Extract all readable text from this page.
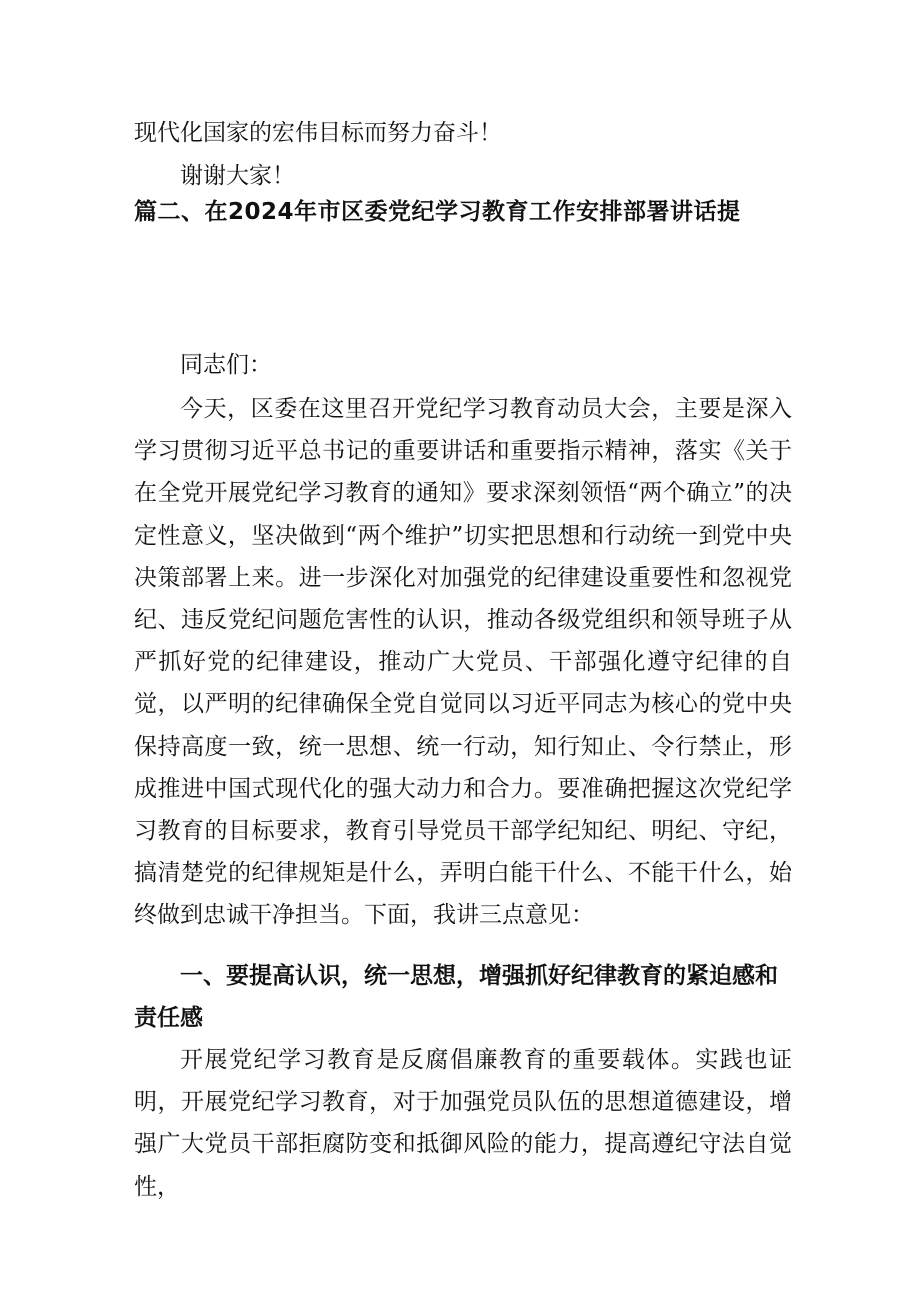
现代化国家的宏伟目标而努力奋斗！
谢谢大家！
篇二、在2024年市区委党纪学习教育工作安排部署讲话提
同志们：
今天，区委在这里召开党纪学习教育动员大会，主要是深入学习贯彻习近平总书记的重要讲话和重要指示精神，落实《关于在全党开展党纪学习教育的通知》要求深刻领悟“两个确立”的决定性意义，坚决做到“两个维护”切实把思想和行动统一到党中央决策部署上来。进一步深化对加强党的纪律建设重要性和忽视党纪、违反党纪问题危害性的认识，推动各级党组织和领导班子从严抓好党的纪律建设，推动广大党员、干部强化遵守纪律的自觉，以严明的纪律确保全党自觉同以习近平同志为核心的党中央保持高度一致，统一思想、统一行动，知行知止、令行禁止，形成推进中国式现代化的强大动力和合力。要准确把握这次党纪学习教育的目标要求，教育引导党员干部学纪知纪、明纪、守纪，搞清楚党的纪律规矩是什么，弄明白能干什么、不能干什么，始终做到忠诚干净担当。下面，我讲三点意见：
一、要提高认识，统一思想，增强抓好纪律教育的紧迫感和责任感
开展党纪学习教育是反腐倡廉教育的重要载体。实践也证明，开展党纪学习教育，对于加强党员队伍的思想道德建设，增强广大党员干部拒腐防变和抵御风险的能力，提高遵纪守法自觉性，
